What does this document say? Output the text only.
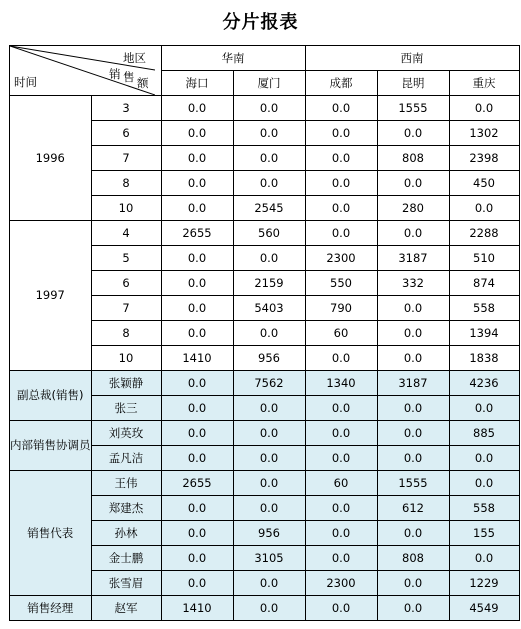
分片报表
地区
销 售 额
时间		华南		西南		
		海口	厦门	成都	昆明	重庆
1996	3	0.0	0.0	0.0	1555	0.0
	6	0.0	0.0	0.0	0.0	1302
	7	0.0	0.0	0.0	808	2398
	8	0.0	0.0	0.0	0.0	450
	10	0.0	2545	0.0	280	0.0
1997	4	2655	560	0.0	0.0	2288
	5	0.0	0.0	2300	3187	510
	6	0.0	2159	550	332	874
	7	0.0	5403	790	0.0	558
	8	0.0	0.0	60	0.0	1394
	10	1410	956	0.0	0.0	1838
副总裁(销售)	张颖静	0.0	7562	1340	3187	4236
	张三	0.0	0.0	0.0	0.0	0.0
内部销售协调员	刘英玫	0.0	0.0	0.0	0.0	885
	孟凡洁	0.0	0.0	0.0	0.0	0.0
销售代表	王伟	2655	0.0	60	1555	0.0
	郑建杰	0.0	0.0	0.0	612	558
	孙林	0.0	956	0.0	0.0	155
	金士鹏	0.0	3105	0.0	808	0.0
	张雪眉	0.0	0.0	2300	0.0	1229
销售经理	赵军	1410	0.0	0.0	0.0	4549
